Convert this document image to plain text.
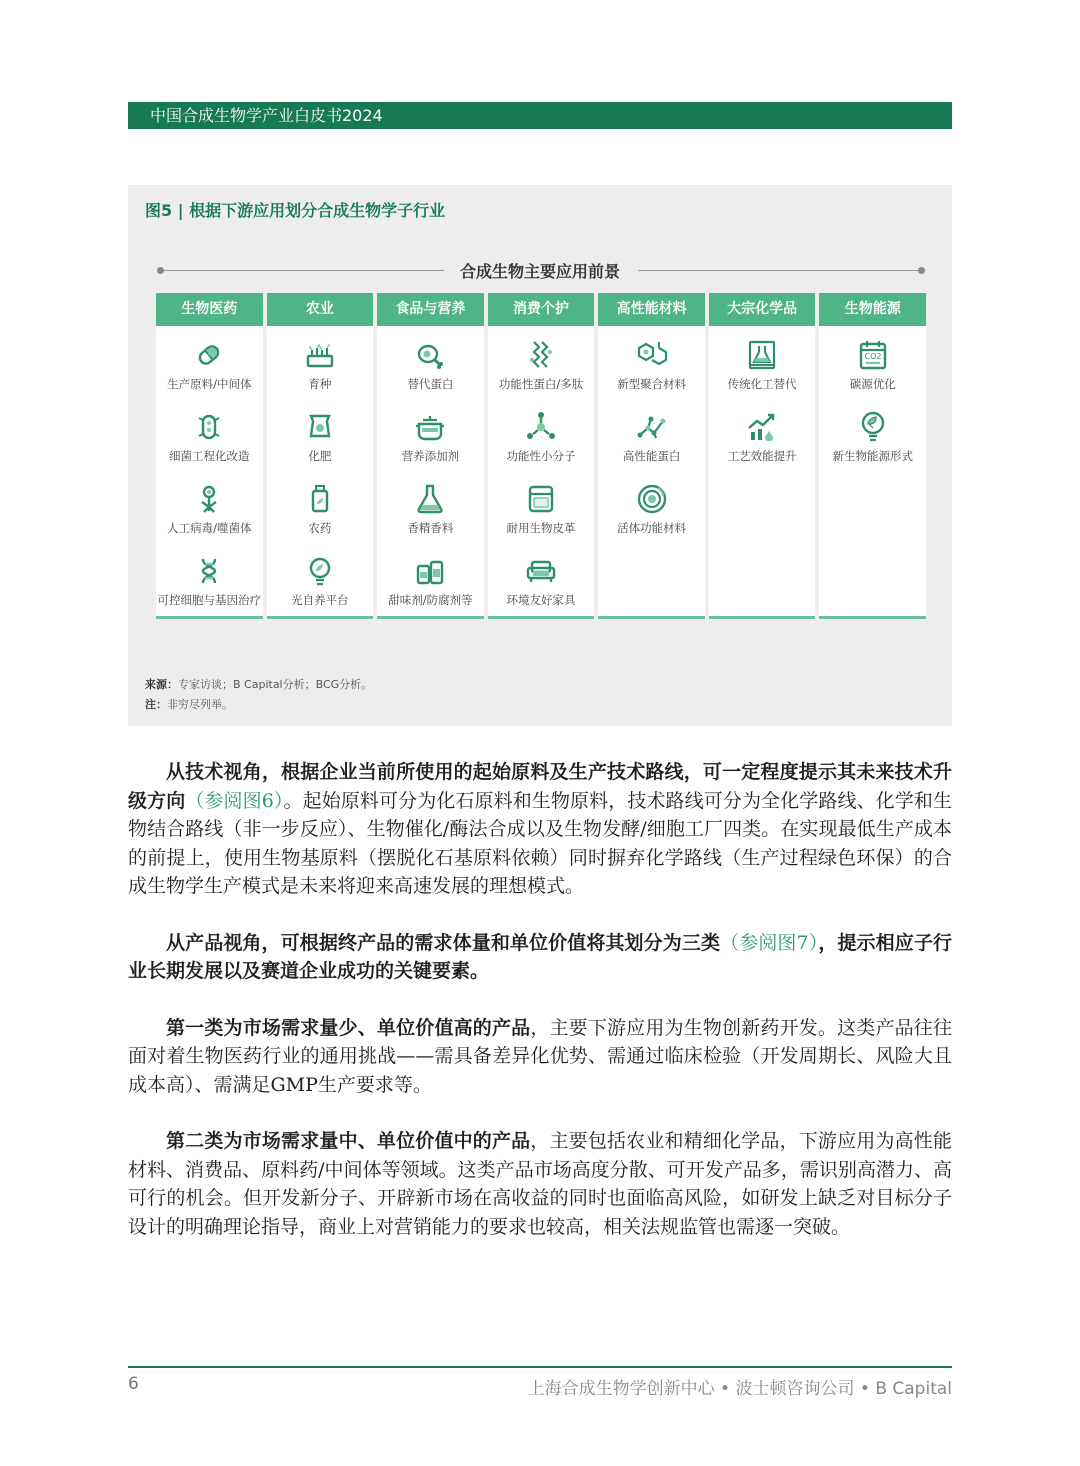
中国合成生物学产业白皮书2024
图5 | 根据下游应用划分合成生物学子行业
合成生物主要应用前景
生物医药
生产原料/中间体
细菌工程化改造
人工病毒/噬菌体
可控细胞与基因治疗
农业
育种
化肥
农药
光自养平台
食品与营养
替代蛋白
营养添加剂
香精香料
甜味剂/防腐剂等
消费个护
功能性蛋白/多肽
功能性小分子
耐用生物皮革
环境友好家具
高性能材料
新型聚合材料
高性能蛋白
活体功能材料
大宗化学品
传统化工替代
工艺效能提升
生物能源
CO2
碳源优化
新生物能源形式
来源：专家访谈；B Capital分析；BCG分析。
注：非穷尽列举。

从技术视角，根据企业当前所使用的起始原料及生产技术路线，可一定程度提示其未来技术升级方向（参阅图6）。起始原料可分为化石原料和生物原料，技术路线可分为全化学路线、化学和生物结合路线（非一步反应）、生物催化/酶法合成以及生物发酵/细胞工厂四类。在实现最低生产成本的前提上，使用生物基原料（摆脱化石基原料依赖）同时摒弃化学路线（生产过程绿色环保）的合成生物学生产模式是未来将迎来高速发展的理想模式。

从产品视角，可根据终产品的需求体量和单位价值将其划分为三类（参阅图7），提示相应子行业长期发展以及赛道企业成功的关键要素。

第一类为市场需求量少、单位价值高的产品，主要下游应用为生物创新药开发。这类产品往往面对着生物医药行业的通用挑战——需具备差异化优势、需通过临床检验（开发周期长、风险大且成本高）、需满足GMP生产要求等。

第二类为市场需求量中、单位价值中的产品，主要包括农业和精细化学品，下游应用为高性能材料、消费品、原料药/中间体等领域。这类产品市场高度分散、可开发产品多，需识别高潜力、高可行的机会。但开发新分子、开辟新市场在高收益的同时也面临高风险，如研发上缺乏对目标分子设计的明确理论指导，商业上对营销能力的要求也较高，相关法规监管也需逐一突破。

6	上海合成生物学创新中心 • 波士顿咨询公司 • B Capital
